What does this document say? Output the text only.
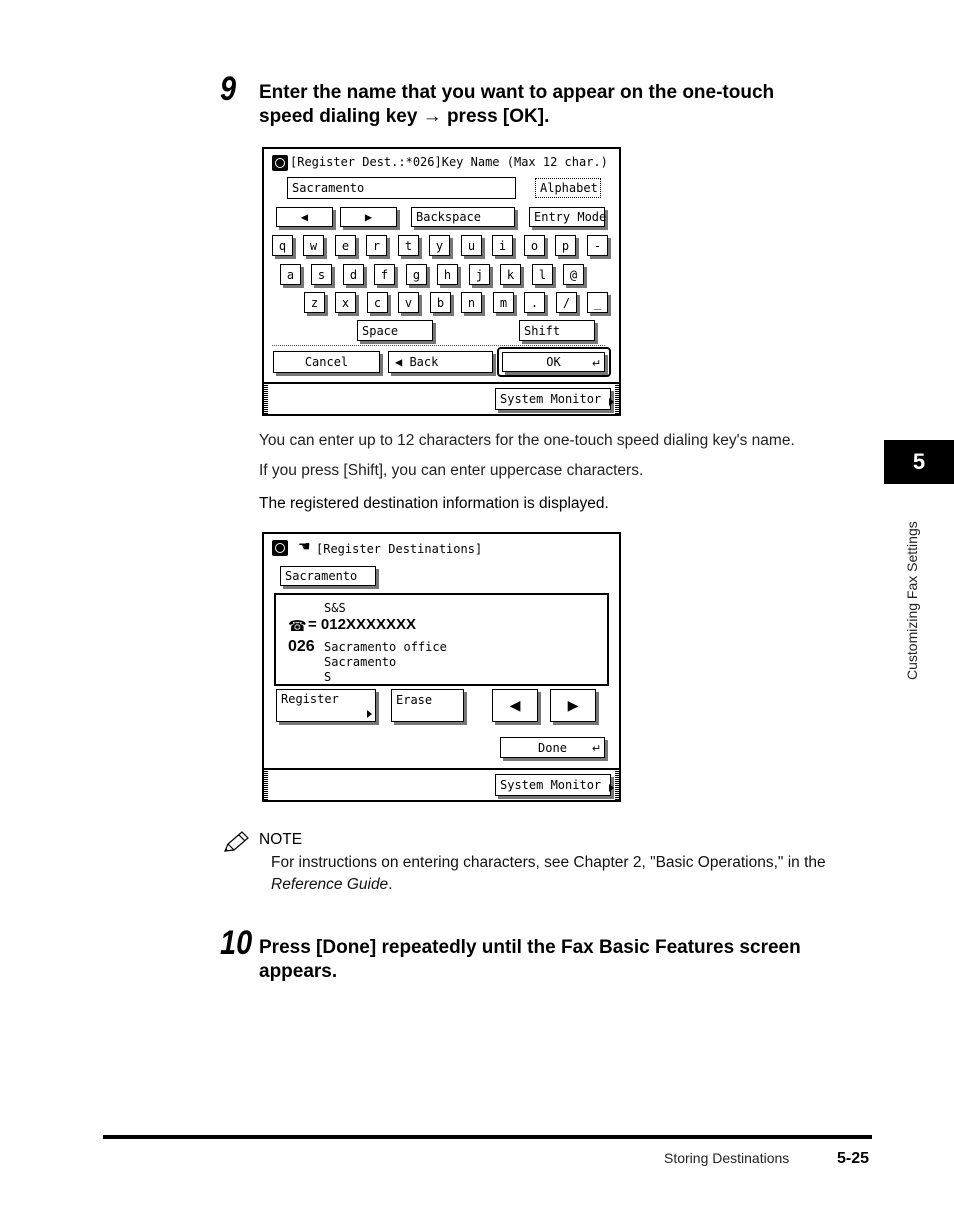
9 Enter the name that you want to appear on the one-touch
speed dialing key → press [OK].
[Register Dest.:*026]Key Name (Max 12 char.)
Sacramento	Alphabet
◀	▶	Backspace	Entry Mode
q	w	e	r	t	y	u	i	o	p	-
a	s	d	f	g	h	j	k	l	@
z	x	c	v	b	n	m	.	/	_
Space	Shift
Cancel	◀ Back	OK	↵
System Monitor
You can enter up to 12 characters for the one-touch speed dialing key's name.
If you press [Shift], you can enter uppercase characters.
The registered destination information is displayed.
☚ [Register Destinations]
Sacramento
S&S
☎ = 012XXXXXXX
026 Sacramento office
Sacramento
S
Register	Erase	◀	▶
Done	↵
System Monitor
NOTE
For instructions on entering characters, see Chapter 2, "Basic Operations," in the
Reference Guide.
10 Press [Done] repeatedly until the Fax Basic Features screen
appears.
5
Customizing Fax Settings
Storing Destinations	5-25
